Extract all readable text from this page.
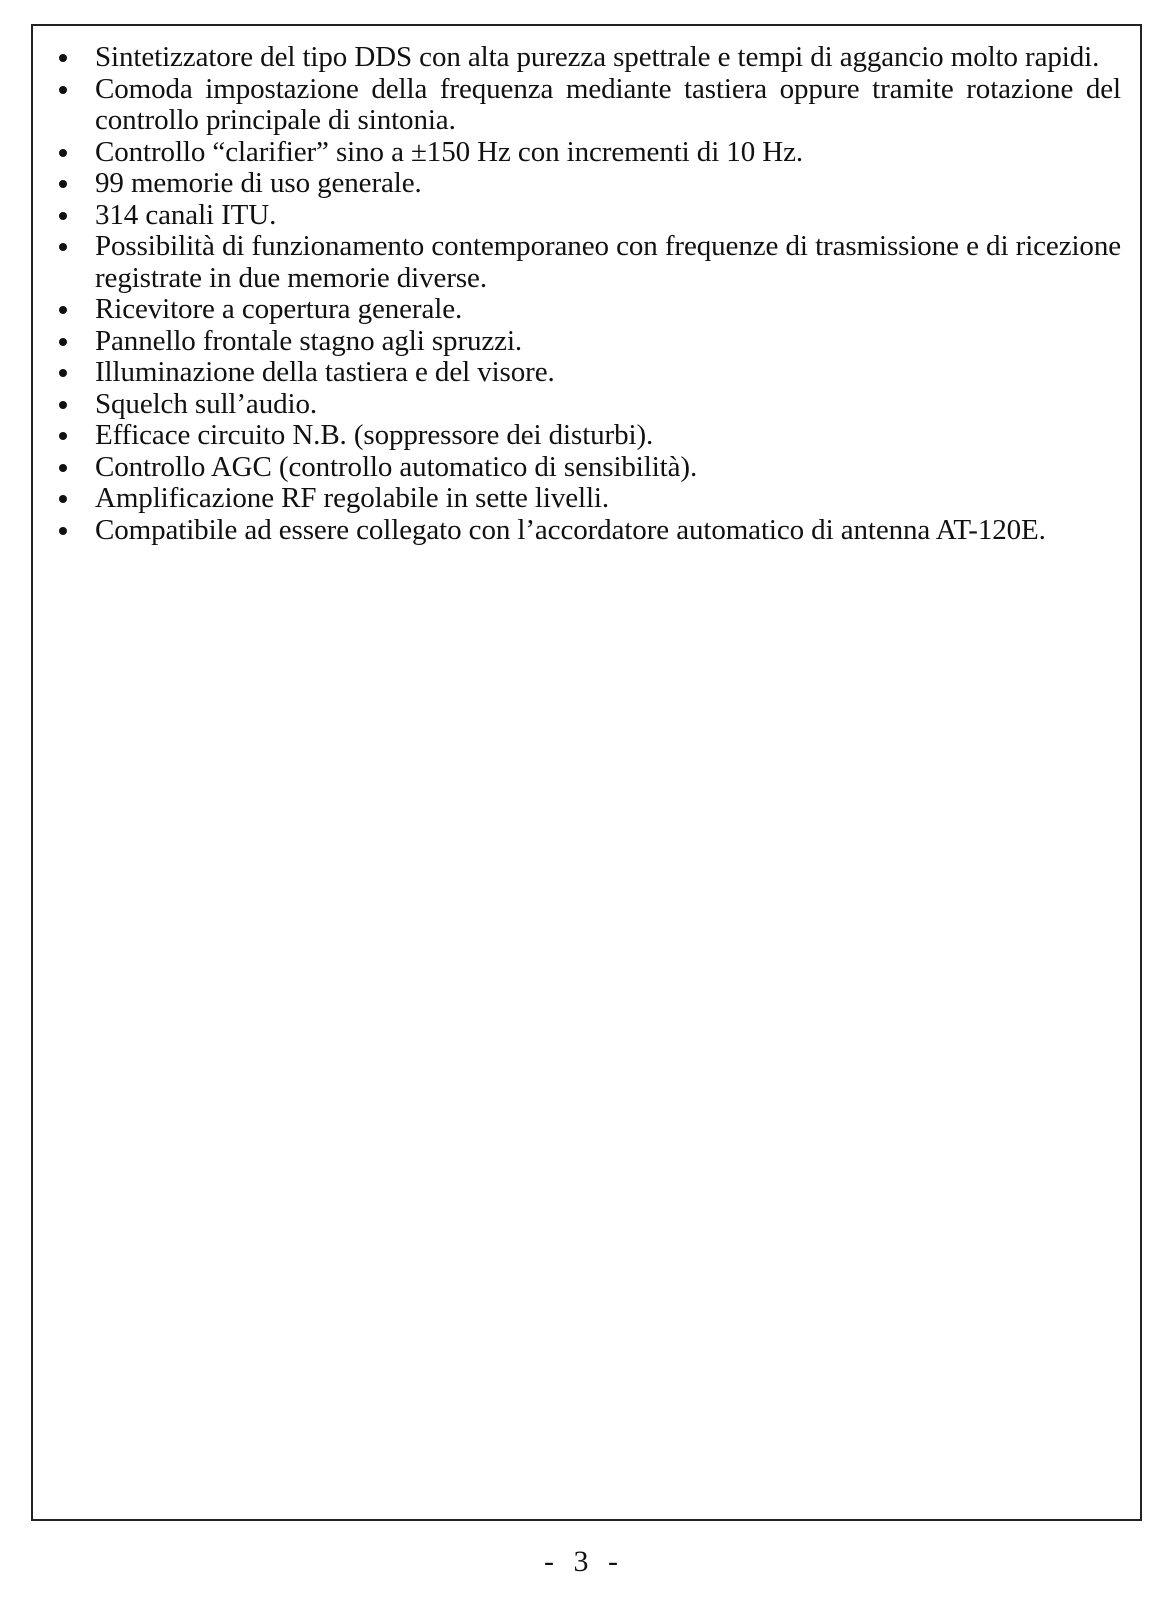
Sintetizzatore del tipo DDS con alta purezza spettrale e tempi di aggancio molto rapidi.
Comoda impostazione della frequenza mediante tastiera oppure tramite rotazione del controllo principale di sintonia.
Controllo “clarifier” sino a ±150 Hz con incrementi di 10 Hz.
99 memorie di uso generale.
314 canali ITU.
Possibilità di funzionamento contemporaneo con frequenze di trasmissione e di ricezione registrate in due memorie diverse.
Ricevitore a copertura generale.
Pannello frontale stagno agli spruzzi.
Illuminazione della tastiera e del visore.
Squelch sull’audio.
Efficace circuito N.B. (soppressore dei disturbi).
Controllo AGC (controllo automatico di sensibilità).
Amplificazione RF regolabile in sette livelli.
Compatibile ad essere collegato con l’accordatore automatico di antenna AT-120E.
- 3 -
